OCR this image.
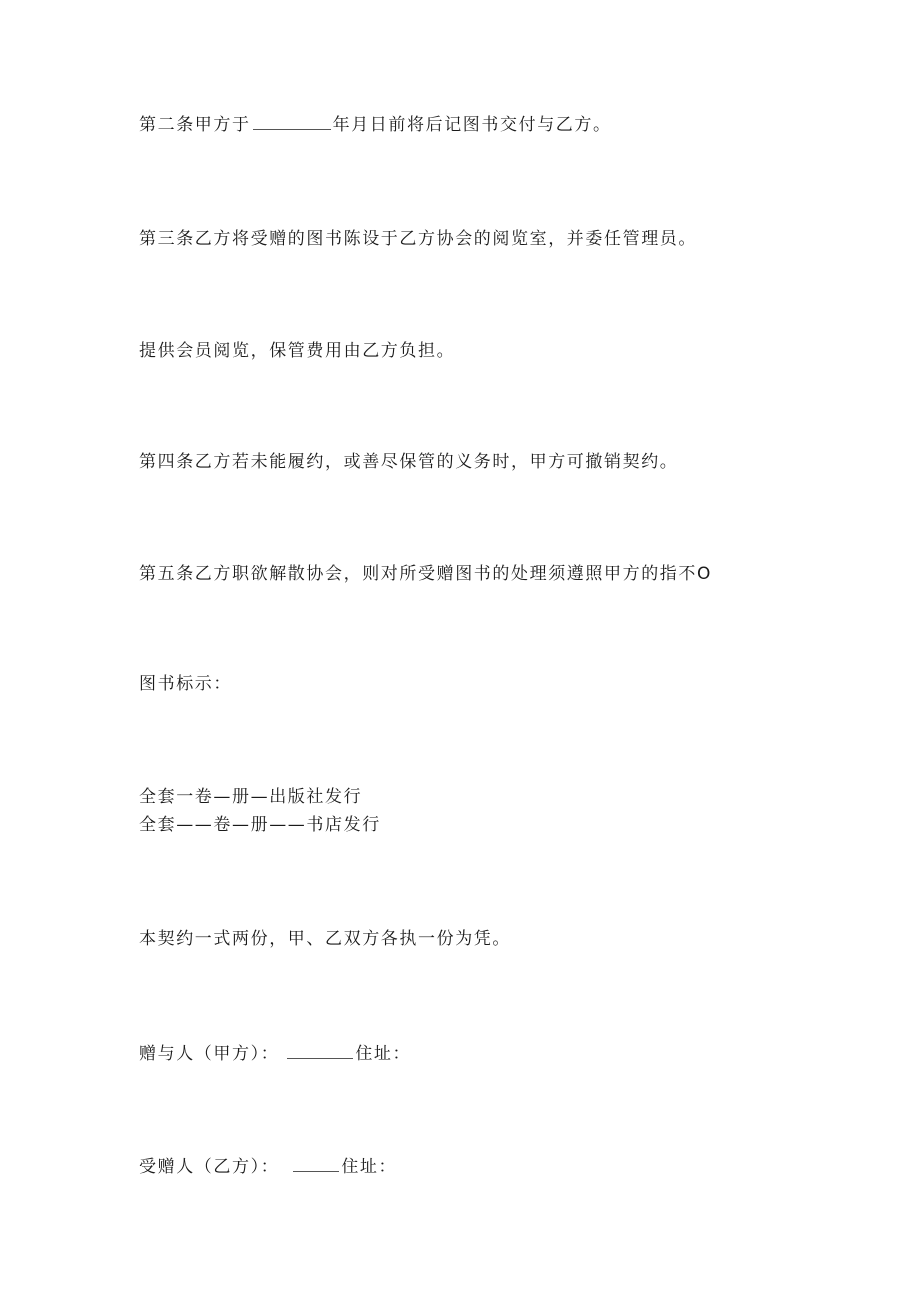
第二条甲方于	年月日前将后记图书交付与乙方。
第三条乙方将受赠的图书陈设于乙方协会的阅览室，并委任管理员。
提供会员阅览，保管费用由乙方负担。
第四条乙方若未能履约，或善尽保管的义务时，甲方可撤销契约。
第五条乙方职欲解散协会，则对所受赠图书的处理须遵照甲方的指不O
图书标示：
全套一卷—册—出版社发行
全套——卷—册——书店发行
本契约一式两份，甲、乙双方各执一份为凭。
赠与人（甲方）：	住址：
受赠人（乙方）：	住址：
